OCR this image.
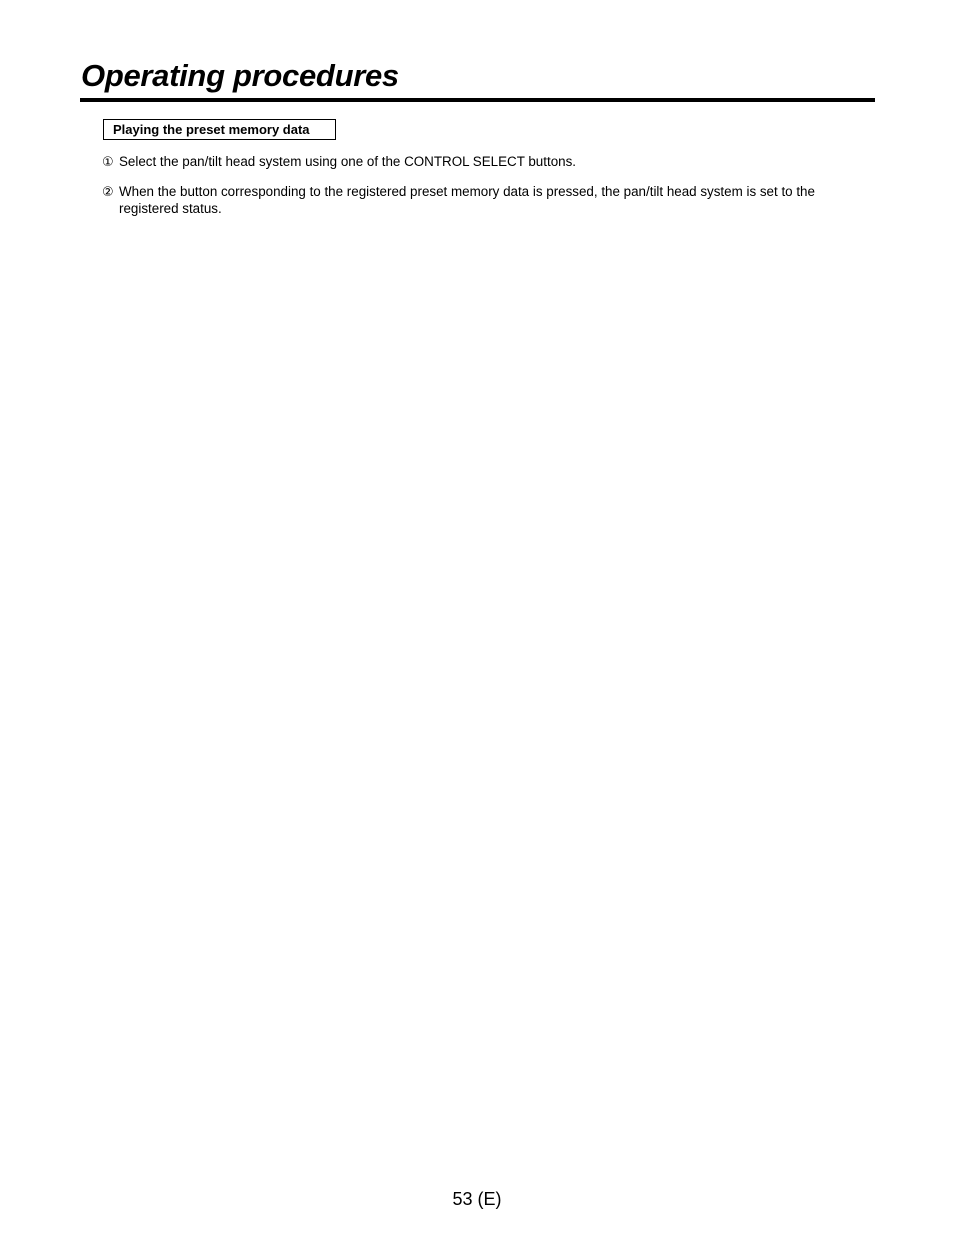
Operating procedures
Playing the preset memory data
① Select the pan/tilt head system using one of the CONTROL SELECT buttons.
② When the button corresponding to the registered preset memory data is pressed, the pan/tilt head system is set to the registered status.
53 (E)
